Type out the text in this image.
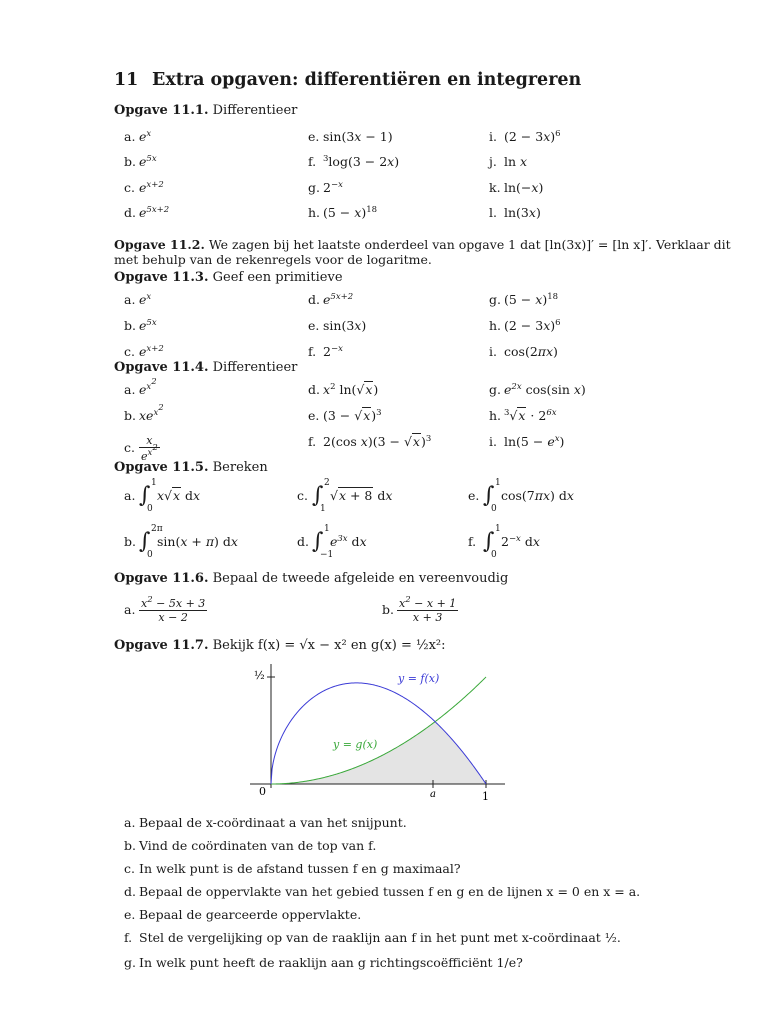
11 Extra opgaven: differentiëren en integreren
Opgave 11.1. Differentieer
a. $e^x$
b. $e^{5x}$
c. $e^{x+2}$
d. $e^{5x+2}$
e. sin(3x − 1)
f. $^3$log(3 − 2x)
g. $2^{-x}$
h. $(5 - x)^{18}$
i. $(2 - 3x)^6$
j. ln x
k. ln(−x)
l. ln(3x)
Opgave 11.2. We zagen bij het laatste onderdeel van opgave 1 dat [ln(3x)]′ = [ln x]′. Verklaar dit met behulp van de rekenregels voor de logaritme.
Opgave 11.3. Geef een primitieve
a. $e^x$
b. $e^{5x}$
c. $e^{x+2}$
d. $e^{5x+2}$
e. sin(3x)
f. $2^{-x}$
g. $(5 - x)^{18}$
h. $(2 - 3x)^6$
i. cos(2πx)
Opgave 11.4. Differentieer
a. $e^{x^2}$
b. $xe^{x^2}$
c. $\frac{x}{e^{x^2}}$
d. $x^2$ ln(√x)
e. $(3 - √x)^3$
f. 2(cos $x)(3 - √x)^3$
g. $e^{2x}$ cos(sin x)
h. $^3√x \cdot 2^{6x}$
i. $\ln(5 - e^x)$
Opgave 11.5. Bereken
a. ∫ 1
0
x√x dx
b. ∫ 2π
0
sin(x + π) dx
c. ∫ 2
1
√x + 8 dx
d. ∫ 1
−1
$e^{3x}$ dx
e. ∫ 1
0
cos(7πx) dx
f. ∫ 1
0
$2^{-x}$ dx
Opgave 11.6. Bepaal de tweede afgeleide en vereenvoudig
a. $\frac{x^2 - 5x + 3}{x - 2}$	b. $\frac{x^2 - x + 1}{x + 3}$
Opgave 11.7. Bekijk f(x) = √x − x² en g(x) = ½x²:
½
0	a	1
y = f(x)
y = g(x)
a. Bepaal de x-coördinaat a van het snijpunt.
b. Vind de coördinaten van de top van f.
c. In welk punt is de afstand tussen f en g maximaal?
d. Bepaal de oppervlakte van het gebied tussen f en g en de lijnen x = 0 en x = a.
e. Bepaal de gearceerde oppervlakte.
f. Stel de vergelijking op van de raaklijn aan f in het punt met x-coördinaat ½.
g. In welk punt heeft de raaklijn aan g richtingscoëfficiënt 1/e?
